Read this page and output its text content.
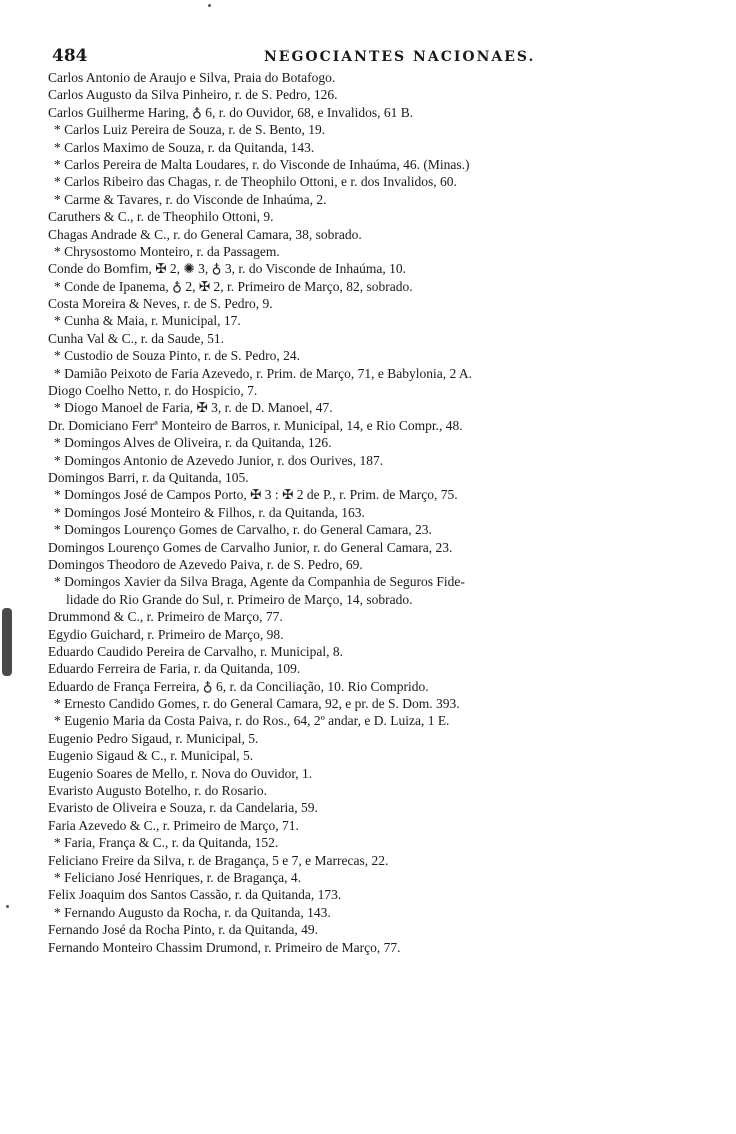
484	NEGOCIANTES NACIONAES.
Carlos Antonio de Araujo e Silva, Praia do Botafogo.
Carlos Augusto da Silva Pinheiro, r. de S. Pedro, 126.
Carlos Guilherme Haring, ♁ 6, r. do Ouvidor, 68, e Invalidos, 61 B.
* Carlos Luiz Pereira de Souza, r. de S. Bento, 19.
* Carlos Maximo de Souza, r. da Quitanda, 143.
* Carlos Pereira de Malta Loudares, r. do Visconde de Inhaúma, 46. (Minas.)
* Carlos Ribeiro das Chagas, r. de Theophilo Ottoni, e r. dos Invalidos, 60.
* Carme & Tavares, r. do Visconde de Inhaúma, 2.
Caruthers & C., r. de Theophilo Ottoni, 9.
Chagas Andrade & C., r. do General Camara, 38, sobrado.
* Chrysostomo Monteiro, r. da Passagem.
Conde do Bomfim, ✠ 2, ✺ 3, ♁ 3, r. do Visconde de Inhaúma, 10.
* Conde de Ipanema, ♁ 2, ✠ 2, r. Primeiro de Março, 82, sobrado.
Costa Moreira & Neves, r. de S. Pedro, 9.
* Cunha & Maia, r. Municipal, 17.
Cunha Val & C., r. da Saude, 51.
* Custodio de Souza Pinto, r. de S. Pedro, 24.
* Damião Peixoto de Faria Azevedo, r. Prim. de Março, 71, e Babylonia, 2 A.
Diogo Coelho Netto, r. do Hospicio, 7.
* Diogo Manoel de Faria, ✠ 3, r. de D. Manoel, 47.
Dr. Domiciano Ferrª Monteiro de Barros, r. Municipal, 14, e Rio Compr., 48.
* Domingos Alves de Oliveira, r. da Quitanda, 126.
* Domingos Antonio de Azevedo Junior, r. dos Ourives, 187.
Domingos Barri, r. da Quitanda, 105.
* Domingos José de Campos Porto, ✠ 3 : ✠ 2 de P., r. Prim. de Março, 75.
* Domingos José Monteiro & Filhos, r. da Quitanda, 163.
* Domingos Lourenço Gomes de Carvalho, r. do General Camara, 23.
Domingos Lourenço Gomes de Carvalho Junior, r. do General Camara, 23.
Domingos Theodoro de Azevedo Paiva, r. de S. Pedro, 69.
* Domingos Xavier da Silva Braga, Agente da Companhia de Seguros Fide-
lidade do Rio Grande do Sul, r. Primeiro de Março, 14, sobrado.
Drummond & C., r. Primeiro de Março, 77.
Egydio Guichard, r. Primeiro de Março, 98.
Eduardo Caudido Pereira de Carvalho, r. Municipal, 8.
Eduardo Ferreira de Faria, r. da Quitanda, 109.
Eduardo de França Ferreira, ♁ 6, r. da Conciliação, 10. Rio Comprido.
* Ernesto Candido Gomes, r. do General Camara, 92, e pr. de S. Dom. 393.
* Eugenio Maria da Costa Paiva, r. do Ros., 64, 2º andar, e D. Luiza, 1 E.
Eugenio Pedro Sigaud, r. Municipal, 5.
Eugenio Sigaud & C., r. Municipal, 5.
Eugenio Soares de Mello, r. Nova do Ouvidor, 1.
Evaristo Augusto Botelho, r. do Rosario.
Evaristo de Oliveira e Souza, r. da Candelaria, 59.
Faria Azevedo & C., r. Primeiro de Março, 71.
* Faria, França & C., r. da Quitanda, 152.
Feliciano Freire da Silva, r. de Bragança, 5 e 7, e Marrecas, 22.
* Feliciano José Henriques, r. de Bragança, 4.
Felix Joaquim dos Santos Cassão, r. da Quitanda, 173.
* Fernando Augusto da Rocha, r. da Quitanda, 143.
Fernando José da Rocha Pinto, r. da Quitanda, 49.
Fernando Monteiro Chassim Drumond, r. Primeiro de Março, 77.
